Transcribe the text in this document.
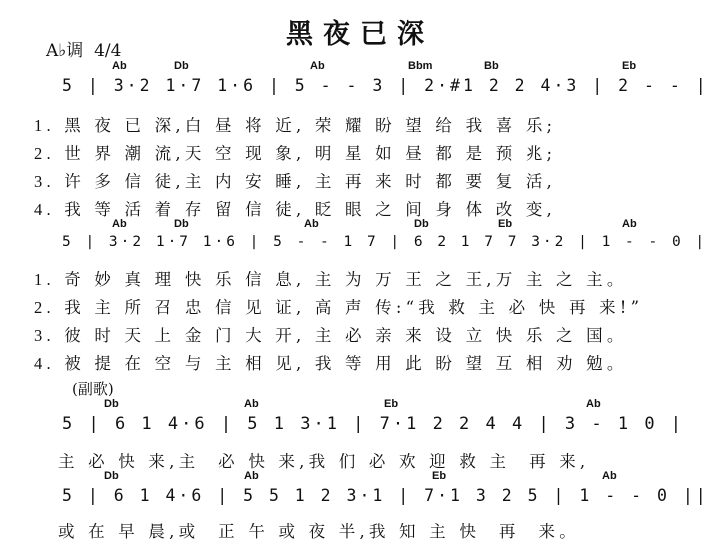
黑夜已深
A♭调  4/4
Ab	Db	Ab	Bbm	Bb	Eb
5 | 3·2 1·7 1·6 | 5 - - 3 | 2·#1 2 2 4·3 | 2 - - |
1. 黑 夜 已 深,白 昼 将 近, 荣 耀 盼 望 给 我 喜 乐;
2. 世 界 潮 流,天 空 现 象, 明 星 如 昼 都 是 预 兆;
3. 许 多 信 徒,主 内 安 睡, 主 再 来 时 都 要 复 活,
4. 我 等 活 着 存 留 信 徒, 眨 眼 之 间 身 体 改 变,
Ab	Db	Ab	Db	Eb	Ab
5 | 3·2 1·7 1·6 | 5 - - 1 7 | 6 2 1 7 7 3·2 | 1 - - 0 |
1. 奇 妙 真 理 快 乐 信 息, 主 为 万 王 之 王,万 主 之 主。
2. 我 主 所 召 忠 信 见 证, 高 声 传:“我 救 主 必 快 再 来!”
3. 彼 时 天 上 金 门 大 开, 主 必 亲 来 设 立 快 乐 之 国。
4. 被 提 在 空 与 主 相 见, 我 等 用 此 盼 望 互 相 劝 勉。
(副歌)
Db	Ab	Eb	Ab
5 | 6 1 4·6 | 5 1 3·1 | 7·1 2 2 4 4 | 3 - 1 0 |
主 必 快 来,主  必 快 来,我 们 必 欢 迎 救 主  再 来,
Db	Ab	Eb	Ab
5 | 6 1 4·6 | 5 5 1 2 3·1 | 7·1 3 2 5 | 1 - - 0 ||
或 在 早 晨,或  正 午 或 夜 半,我 知 主 快  再  来。
